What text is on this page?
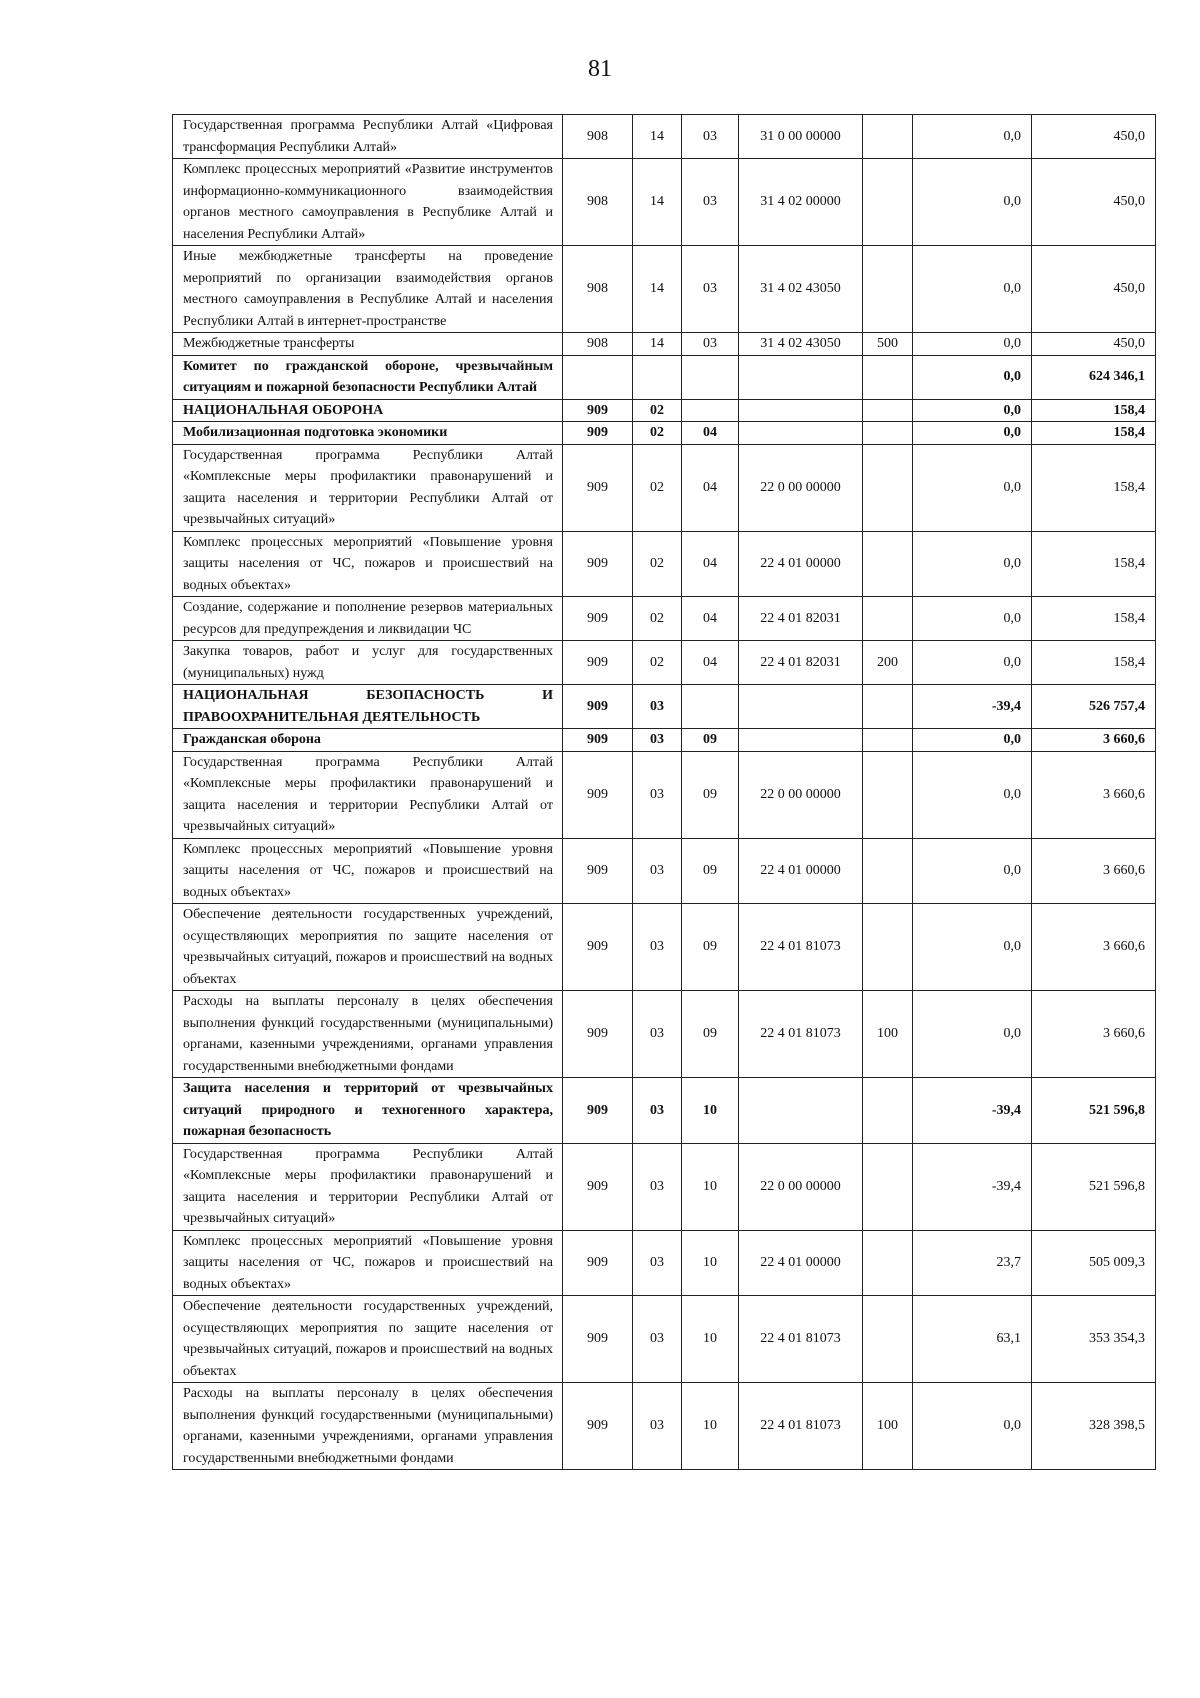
81
Государственная программа Республики Алтай «Цифровая трансформация Республики Алтай»	908	14	03	31 0 00 00000		0,0	450,0
Комплекс процессных мероприятий «Развитие инструментов информационно-коммуникационного взаимодействия органов местного самоуправления в Республике Алтай и населения Республики Алтай»	908	14	03	31 4 02 00000		0,0	450,0
Иные межбюджетные трансферты на проведение мероприятий по организации взаимодействия органов местного самоуправления в Республике Алтай и населения Республики Алтай в интернет-пространстве	908	14	03	31 4 02 43050		0,0	450,0
Межбюджетные трансферты	908	14	03	31 4 02 43050	500	0,0	450,0
Комитет по гражданской обороне, чрезвычайным ситуациям и пожарной безопасности Республики Алтай						0,0	624 346,1
НАЦИОНАЛЬНАЯ ОБОРОНА	909	02				0,0	158,4
Мобилизационная подготовка экономики	909	02	04			0,0	158,4
Государственная программа Республики Алтай «Комплексные меры профилактики правонарушений и защита населения и территории Республики Алтай от чрезвычайных ситуаций»	909	02	04	22 0 00 00000		0,0	158,4
Комплекс процессных мероприятий «Повышение уровня защиты населения от ЧС, пожаров и происшествий на водных объектах»	909	02	04	22 4 01 00000		0,0	158,4
Создание, содержание и пополнение резервов материальных ресурсов для предупреждения и ликвидации ЧС	909	02	04	22 4 01 82031		0,0	158,4
Закупка товаров, работ и услуг для государственных (муниципальных) нужд	909	02	04	22 4 01 82031	200	0,0	158,4
НАЦИОНАЛЬНАЯ БЕЗОПАСНОСТЬ И ПРАВООХРАНИТЕЛЬНАЯ ДЕЯТЕЛЬНОСТЬ	909	03				-39,4	526 757,4
Гражданская оборона	909	03	09			0,0	3 660,6
Государственная программа Республики Алтай «Комплексные меры профилактики правонарушений и защита населения и территории Республики Алтай от чрезвычайных ситуаций»	909	03	09	22 0 00 00000		0,0	3 660,6
Комплекс процессных мероприятий «Повышение уровня защиты населения от ЧС, пожаров и происшествий на водных объектах»	909	03	09	22 4 01 00000		0,0	3 660,6
Обеспечение деятельности государственных учреждений, осуществляющих мероприятия по защите населения от чрезвычайных ситуаций, пожаров и происшествий на водных объектах	909	03	09	22 4 01 81073		0,0	3 660,6
Расходы на выплаты персоналу в целях обеспечения выполнения функций государственными (муниципальными) органами, казенными учреждениями, органами управления государственными внебюджетными фондами	909	03	09	22 4 01 81073	100	0,0	3 660,6
Защита населения и территорий от чрезвычайных ситуаций природного и техногенного характера, пожарная безопасность	909	03	10			-39,4	521 596,8
Государственная программа Республики Алтай «Комплексные меры профилактики правонарушений и защита населения и территории Республики Алтай от чрезвычайных ситуаций»	909	03	10	22 0 00 00000		-39,4	521 596,8
Комплекс процессных мероприятий «Повышение уровня защиты населения от ЧС, пожаров и происшествий на водных объектах»	909	03	10	22 4 01 00000		23,7	505 009,3
Обеспечение деятельности государственных учреждений, осуществляющих мероприятия по защите населения от чрезвычайных ситуаций, пожаров и происшествий на водных объектах	909	03	10	22 4 01 81073		63,1	353 354,3
Расходы на выплаты персоналу в целях обеспечения выполнения функций государственными (муниципальными) органами, казенными учреждениями, органами управления государственными внебюджетными фондами	909	03	10	22 4 01 81073	100	0,0	328 398,5
